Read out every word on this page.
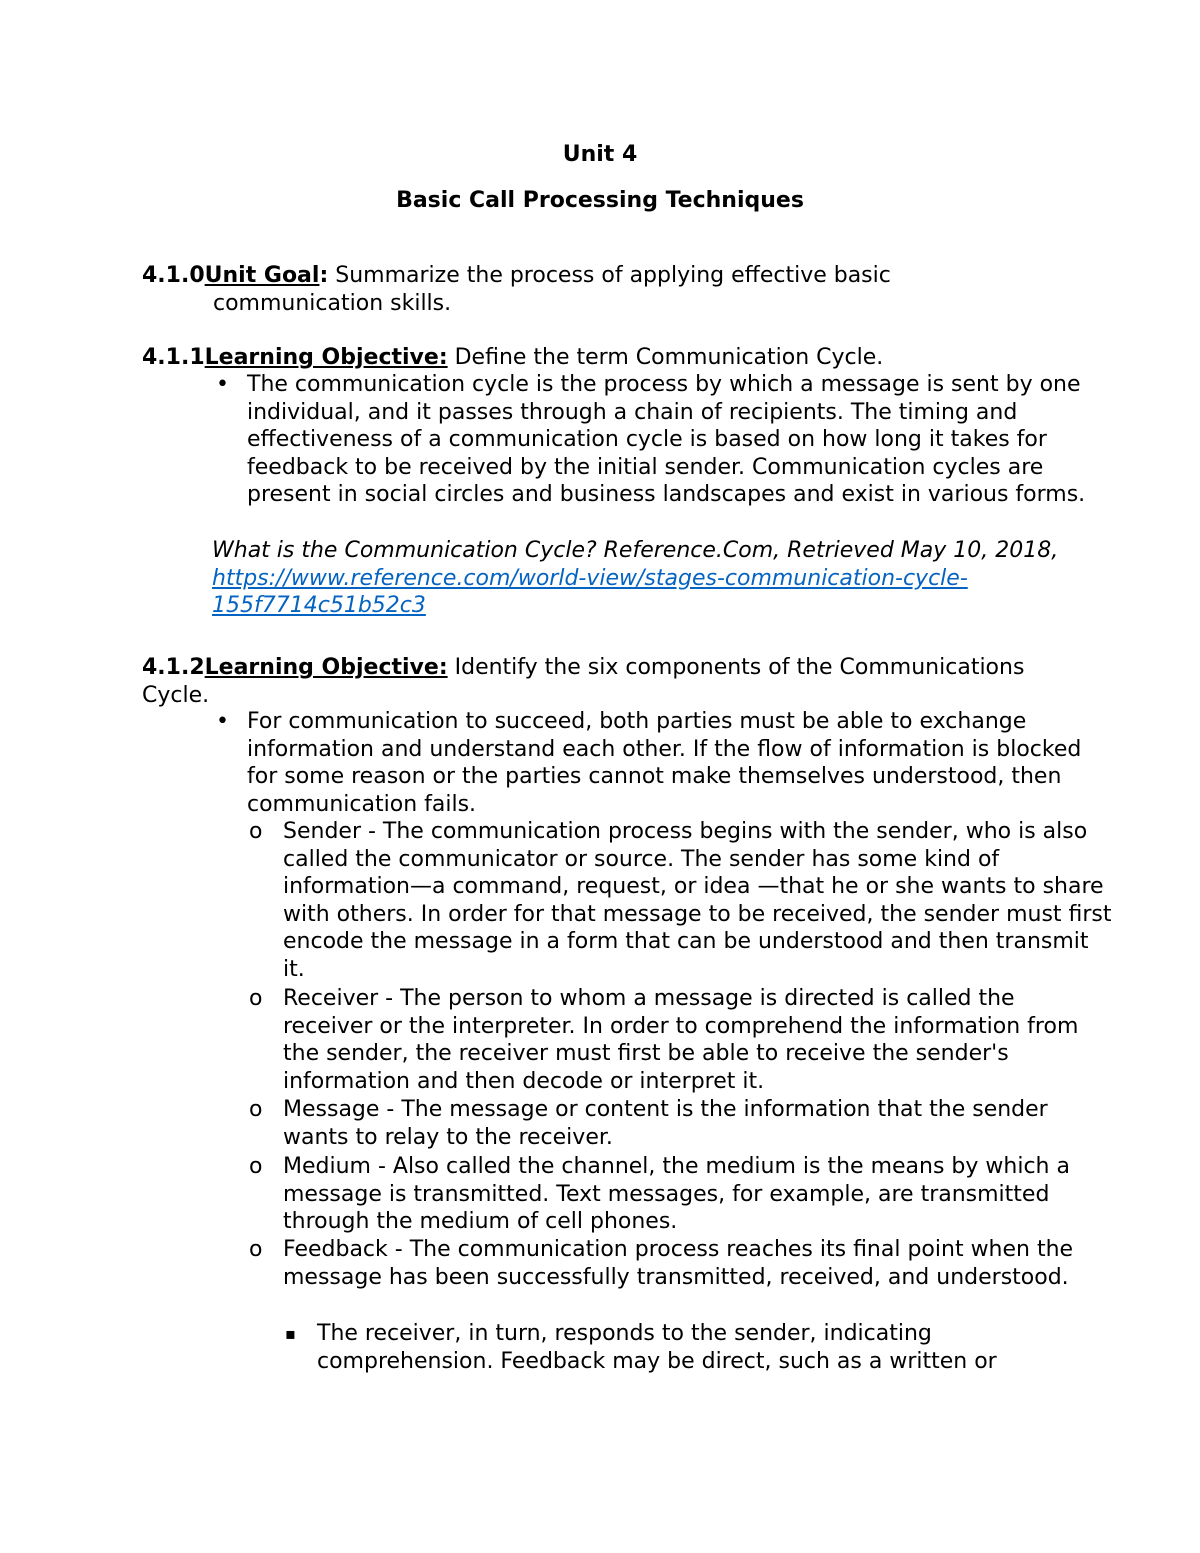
Unit 4

Basic Call Processing Techniques

4.1.0Unit Goal: Summarize the process of applying effective basic
communication skills.
4.1.1Learning Objective: Define the term Communication Cycle.
• The communication cycle is the process by which a message is sent by one individual, and it passes through a chain of recipients. The timing and effectiveness of a communication cycle is based on how long it takes for feedback to be received by the initial sender. Communication cycles are present in social circles and business landscapes and exist in various forms.
What is the Communication Cycle? Reference.Com, Retrieved May 10, 2018, https://www.reference.com/world-view/stages-communication-cycle-155f7714c51b52c3
4.1.2Learning Objective: Identify the six components of the Communications
Cycle.
• For communication to succeed, both parties must be able to exchange information and understand each other. If the flow of information is blocked for some reason or the parties cannot make themselves understood, then communication fails.
o Sender - The communication process begins with the sender, who is also called the communicator or source. The sender has some kind of information—a command, request, or idea —that he or she wants to share with others. In order for that message to be received, the sender must first encode the message in a form that can be understood and then transmit it.
o Receiver - The person to whom a message is directed is called the receiver or the interpreter. In order to comprehend the information from the sender, the receiver must first be able to receive the sender's information and then decode or interpret it.
o Message - The message or content is the information that the sender wants to relay to the receiver.
o Medium - Also called the channel, the medium is the means by which a message is transmitted. Text messages, for example, are transmitted through the medium of cell phones.
o Feedback - The communication process reaches its final point when the message has been successfully transmitted, received, and understood.
▪ The receiver, in turn, responds to the sender, indicating comprehension. Feedback may be direct, such as a written or
